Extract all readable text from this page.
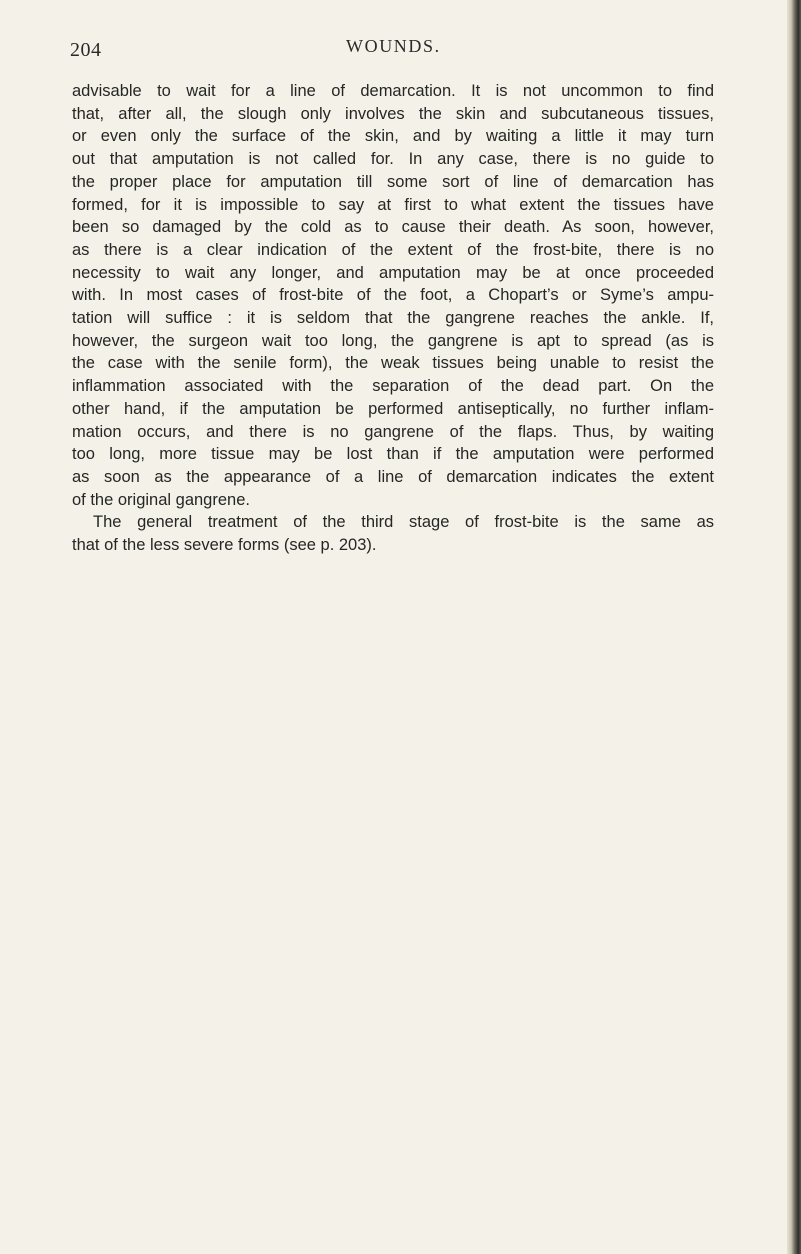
204	WOUNDS.
advisable to wait for a line of demarcation. It is not uncommon to find
that, after all, the slough only involves the skin and subcutaneous tissues,
or even only the surface of the skin, and by waiting a little it may turn
out that amputation is not called for. In any case, there is no guide to
the proper place for amputation till some sort of line of demarcation has
formed, for it is impossible to say at first to what extent the tissues have
been so damaged by the cold as to cause their death. As soon, however,
as there is a clear indication of the extent of the frost-bite, there is no
necessity to wait any longer, and amputation may be at once proceeded
with. In most cases of frost-bite of the foot, a Chopart’s or Syme’s ampu-
tation will suffice : it is seldom that the gangrene reaches the ankle. If,
however, the surgeon wait too long, the gangrene is apt to spread (as is
the case with the senile form), the weak tissues being unable to resist the
inflammation associated with the separation of the dead part. On the
other hand, if the amputation be performed antiseptically, no further inflam-
mation occurs, and there is no gangrene of the flaps. Thus, by waiting
too long, more tissue may be lost than if the amputation were performed
as soon as the appearance of a line of demarcation indicates the extent
of the original gangrene.
The general treatment of the third stage of frost-bite is the same as
that of the less severe forms (see p. 203).
